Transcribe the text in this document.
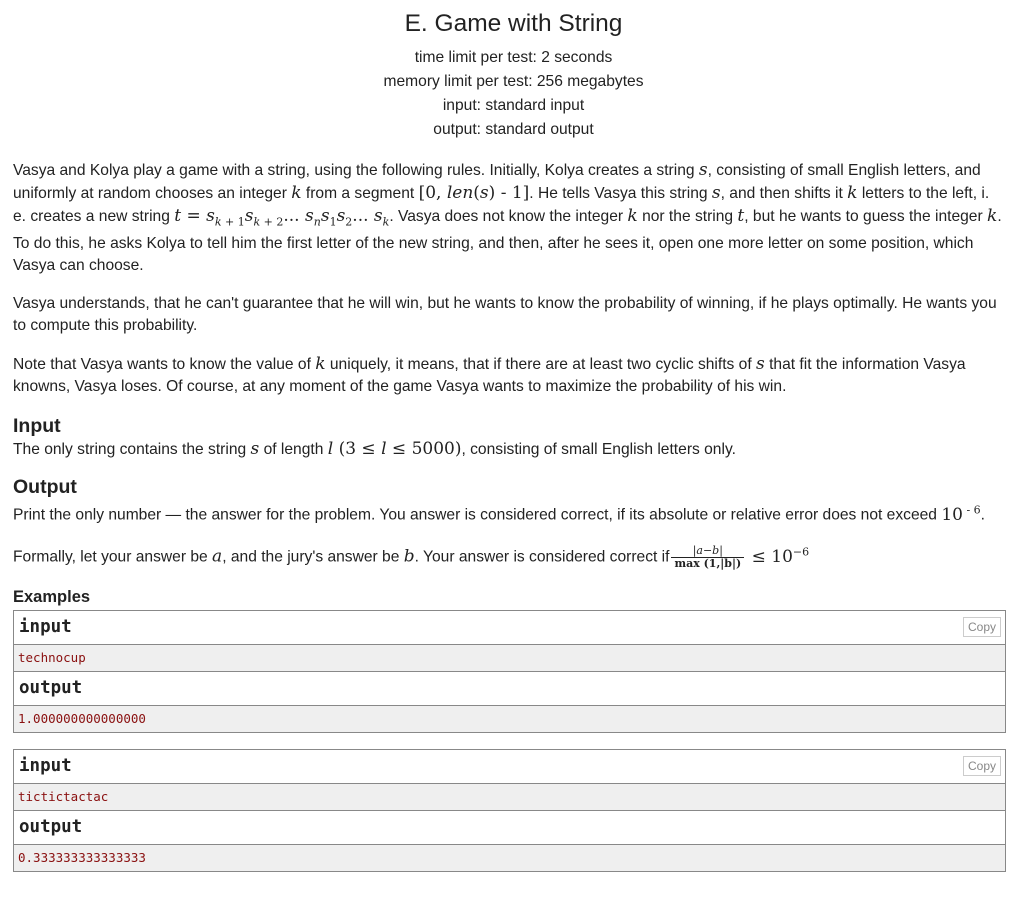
E. Game with String
time limit per test: 2 seconds
memory limit per test: 256 megabytes
input: standard input
output: standard output

Vasya and Kolya play a game with a string, using the following rules. Initially, Kolya creates a string s, consisting of small English letters, and uniformly at random chooses an integer k from a segment [0, len(s) - 1]. He tells Vasya this string s, and then shifts it k letters to the left, i. e. creates a new string $t = s_{k + 1}s_{k + 2}$... $s_ns_1s_2$... $s_k$. Vasya does not know the integer k nor the string t, but he wants to guess the integer k. To do this, he asks Kolya to tell him the first letter of the new string, and then, after he sees it, open one more letter on some position, which Vasya can choose.

Vasya understands, that he can't guarantee that he will win, but he wants to know the probability of winning, if he plays optimally. He wants you to compute this probability.

Note that Vasya wants to know the value of k uniquely, it means, that if there are at least two cyclic shifts of s that fit the information Vasya knowns, Vasya loses. Of course, at any moment of the game Vasya wants to maximize the probability of his win.

Input
The only string contains the string s of length l (3 ≤ l ≤ 5000), consisting of small English letters only.
Output
Print the only number — the answer for the problem. You answer is considered correct, if its absolute or relative error does not exceed 10 $^{- 6}$.
Formally, let your answer be a, and the jury's answer be b. Your answer is considered correct if $\frac{|a-b|}{\max (1,|b|)} \le 10^{-6}$
Examples
input	Copy
technocup
output
1.000000000000000
input	Copy
tictictactac
output
0.333333333333333
